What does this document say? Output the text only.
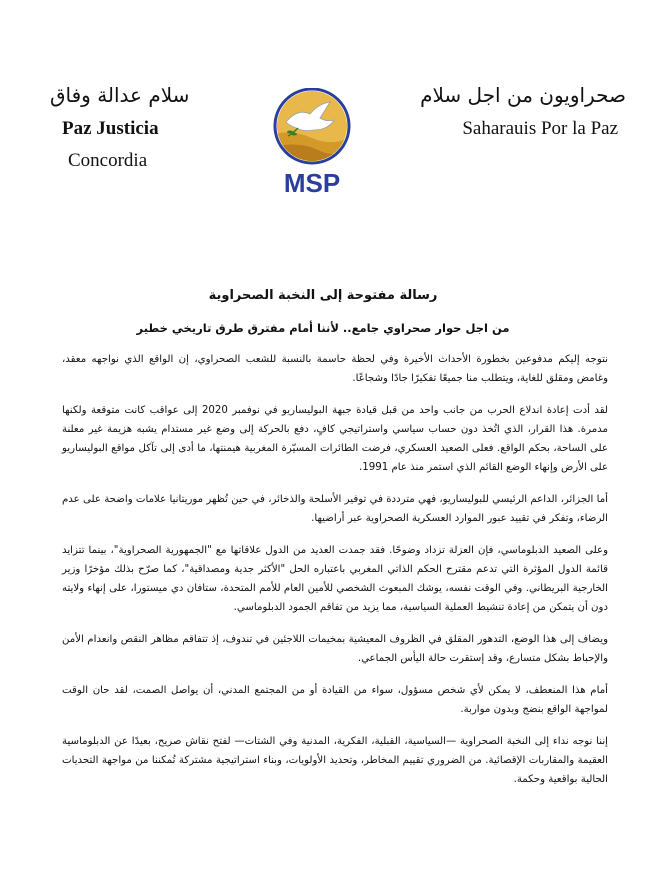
سلام عدالة وفاق	صحراويون من اجل سلام
Paz Justicia
Concordia
Saharauis Por la Paz
MSP
رسالة مفتوحة إلى النخبة الصحراوية
من اجل حوار صحراوي جامع.. لأننا أمام مفترق طرق تاريخي خطير

نتوجه إليكم مدفوعين بخطورة الأحداث الأخيرة وفي لحظة حاسمة بالنسبة للشعب الصحراوي، إن الواقع الذي نواجهه معقد، وغامض ومقلق للغاية، ويتطلب منا جميعًا تفكيرًا جادًا وشجاعًا.

لقد أدت إعادة اندلاع الحرب من جانب واحد من قبل قيادة جبهة البوليساريو في نوفمبر 2020 إلى عواقب كانت متوقعة ولكنها مدمرة. هذا القرار، الذي اتُخذ دون حساب سياسي واستراتيجي كافٍ، دفع بالحركة إلى وضع غير مستدام يشبه هزيمة غير معلنة على الساحة، بحكم الواقع. فعلى الصعيد العسكري، فرضت الطائرات المسيّرة المغربية هيمنتها، ما أدى إلى تآكل مواقع البوليساريو على الأرض وإنهاء الوضع القائم الذي استمر منذ عام 1991.

أما الجزائر، الداعم الرئيسي للبوليساريو، فهي مترددة في توفير الأسلحة والذخائر، في حين تُظهر موريتانيا علامات واضحة على عدم الرضاء، وتفكر في تقييد عبور الموارد العسكرية الصحراوية عبر أراضيها.

وعلى الصعيد الدبلوماسي، فإن العزلة تزداد وضوحًا. فقد جمدت العديد من الدول علاقاتها مع "الجمهورية الصحراوية"، بينما تتزايد قائمة الدول المؤثرة التي تدعم مقترح الحكم الذاتي المغربي باعتباره الحل "الأكثر جدية ومصداقية"، كما صرّح بذلك مؤخرًا وزير الخارجية البريطاني. وفي الوقت نفسه، يوشك المبعوث الشخصي للأمين العام للأمم المتحدة، ستافان دي ميستورا، على إنهاء ولايته دون أن يتمكن من إعادة تنشيط العملية السياسية، مما يزيد من تفاقم الجمود الدبلوماسي.

ويضاف إلى هذا الوضع، التدهور المقلق في الظروف المعيشية بمخيمات اللاجئين في تندوف، إذ تتفاقم مظاهر النقص وانعدام الأمن والإحباط بشكل متسارع، وقد إستقرت حالة اليأس الجماعي.

أمام هذا المنعطف، لا يمكن لأي شخص مسؤول، سواء من القيادة أو من المجتمع المدني، أن يواصل الصمت، لقد حان الوقت لمواجهة الواقع بنضج وبدون مواربة.

إننا نوجه نداء إلى النخبة الصحراوية —السياسية، القبلية، الفكرية، المدنية وفي الشتات— لفتح نقاش صريح، بعيدًا عن الدبلوماسية العقيمة والمقاربات الإقصائية. من الضروري تقييم المخاطر، وتحديد الأولويات، وبناء استراتيجية مشتركة تُمكننا من مواجهة التحديات الحالية بواقعية وحكمة.
